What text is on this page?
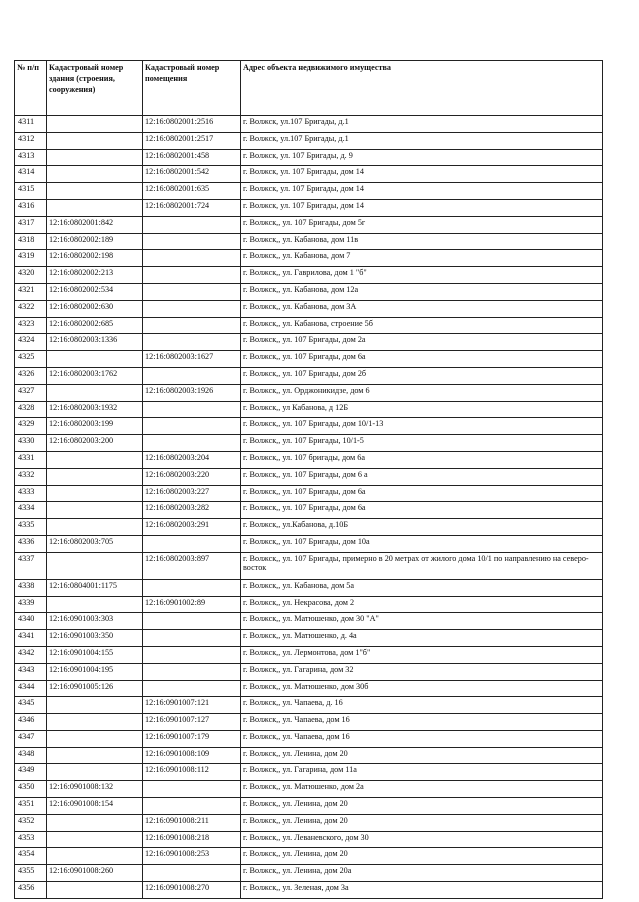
№ п/п	Кадастровый номер здания (строения, сооружения)	Кадастровый номер помещения	Адрес объекта недвижимого имущества
4311		12:16:0802001:2516	г. Волжск, ул.107 Бригады, д.1
4312		12:16:0802001:2517	г. Волжск, ул.107 Бригады, д.1
4313		12:16:0802001:458	г. Волжск, ул. 107 Бригады, д. 9
4314		12:16:0802001:542	г. Волжск, ул. 107 Бригады, дом 14
4315		12:16:0802001:635	г. Волжск, ул. 107 Бригады, дом 14
4316		12:16:0802001:724	г. Волжск, ул. 107 Бригады, дом 14
4317	12:16:0802001:842		г. Волжск,, ул. 107 Бригады, дом 5г
4318	12:16:0802002:189		г. Волжск,, ул. Кабанова, дом 11в
4319	12:16:0802002:198		г. Волжск,, ул. Кабанова, дом 7
4320	12:16:0802002:213		г. Волжск,, ул. Гаврилова, дом 1 "б"
4321	12:16:0802002:534		г. Волжск,, ул. Кабанова, дом 12а
4322	12:16:0802002:630		г. Волжск,, ул. Кабанова, дом 3А
4323	12:16:0802002:685		г. Волжск,, ул. Кабанова, строение 5б
4324	12:16:0802003:1336		г. Волжск,, ул. 107 Бригады, дом 2а
4325		12:16:0802003:1627	г. Волжск,, ул. 107 Бригады, дом 6а
4326	12:16:0802003:1762		г. Волжск,, ул. 107 Бригады, дом 2б
4327		12:16:0802003:1926	г. Волжск,, ул. Орджоникидзе, дом 6
4328	12:16:0802003:1932		г. Волжск,, ул Кабанова, д 12Б
4329	12:16:0802003:199		г. Волжск,, ул. 107 Бригады, дом 10/1-13
4330	12:16:0802003:200		г. Волжск,, ул. 107 Бригады, 10/1-5
4331		12:16:0802003:204	г. Волжск,, ул. 107 бригады, дом 6а
4332		12:16:0802003:220	г. Волжск,, ул. 107 Бригады, дом 6 а
4333		12:16:0802003:227	г. Волжск,, ул. 107 Бригады, дом 6а
4334		12:16:0802003:282	г. Волжск,, ул. 107 Бригады, дом 6а
4335		12:16:0802003:291	г. Волжск,, ул.Кабанова, д.10Б
4336	12:16:0802003:705		г. Волжск,, ул. 107 Бригады, дом 10а
4337		12:16:0802003:897	г. Волжск,, ул. 107 Бригады, примерно в 20 метрах от жилого дома 10/1 по направлению на северо-восток
4338	12:16:0804001:1175		г. Волжск,, ул. Кабанова, дом 5а
4339		12:16:0901002:89	г. Волжск,, ул. Некрасова, дом 2
4340	12:16:0901003:303		г. Волжск,, ул. Матюшенко, дом 30 "А"
4341	12:16:0901003:350		г. Волжск,, ул. Матюшенко, д. 4а
4342	12:16:0901004:155		г. Волжск,, ул. Лермонтова, дом 1"б"
4343	12:16:0901004:195		г. Волжск,, ул. Гагарина, дом 32
4344	12:16:0901005:126		г. Волжск,, ул. Матюшенко, дом 30б
4345		12:16:0901007:121	г. Волжск,, ул. Чапаева, д. 16
4346		12:16:0901007:127	г. Волжск,, ул. Чапаева, дом 16
4347		12:16:0901007:179	г. Волжск,, ул. Чапаева, дом 16
4348		12:16:0901008:109	г. Волжск,, ул. Ленина, дом 20
4349		12:16:0901008:112	г. Волжск,, ул. Гагарина, дом 11а
4350	12:16:0901008:132		г. Волжск,, ул. Матюшенко, дом 2а
4351	12:16:0901008:154		г. Волжск,, ул. Ленина, дом 20
4352		12:16:0901008:211	г. Волжск,, ул. Ленина, дом 20
4353		12:16:0901008:218	г. Волжск,, ул. Леваневского, дом 30
4354		12:16:0901008:253	г. Волжск,, ул. Ленина, дом 20
4355	12:16:0901008:260		г. Волжск,, ул. Ленина, дом 20а
4356		12:16:0901008:270	г. Волжск,, ул. Зеленая, дом 3а
